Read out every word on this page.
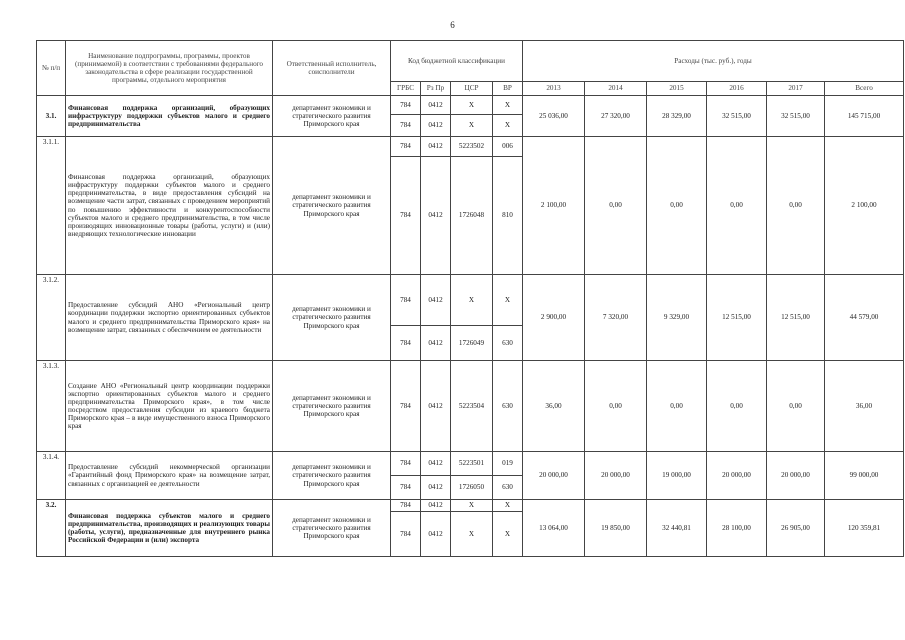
6
№ п/п	Наименование подпрограммы, программы, проектов (принимаемой) в соответствии с требованиями федерального законодательства в сфере реализации государственной программы, отдельного мероприятия	Ответственный исполнитель, соисполнители	Код бюджетной классификации				Расходы (тыс. руб.), годы					
			ГРБС	Рз Пр	ЦСР	ВР	2013	2014	2015	2016	2017	Всего
3.1.	Финансовая поддержка организаций, образующих инфраструктуру поддержки субъектов малого и среднего предпринимательства	департамент экономики и стратегического развития Приморского края	784	0412	X	X	25 036,00	27 320,00	28 329,00	32 515,00	32 515,00	145 715,00
			784	0412	X	X						
3.1.1.	Финансовая поддержка организаций, образующих инфраструктуру поддержки субъектов малого и среднего предпринимательства, в виде предоставления субсидий на возмещение части затрат, связанных с проведением мероприятий по повышению эффективности и конкурентоспособности субъектов малого и среднего предпринимательства, в том числе производящих инновационные товары (работы, услуги) и (или) внедряющих технологические инновации	департамент экономики и стратегического развития Приморского края	784	0412	5223502	006	2 100,00	0,00	0,00	0,00	0,00	2 100,00
			784	0412	1726048	810						
3.1.2.	Предоставление субсидий АНО «Региональный центр координации поддержки экспортно ориентированных субъектов малого и среднего предпринимательства Приморского края» на возмещение затрат, связанных с обеспечением ее деятельности	департамент экономики и стратегического развития Приморского края	784	0412	X	X	2 900,00	7 320,00	9 329,00	12 515,00	12 515,00	44 579,00
			784	0412	1726049	630						
3.1.3.	Создание АНО «Региональный центр координации поддержки экспортно ориентированных субъектов малого и среднего предпринимательства Приморского края», в том числе посредством предоставления субсидии из краевого бюджета Приморского края – в виде имущественного взноса Приморского края	департамент экономики и стратегического развития Приморского края	784	0412	5223504	630	36,00	0,00	0,00	0,00	0,00	36,00
3.1.4.	Предоставление субсидий некоммерческой организации «Гарантийный фонд Приморского края» на возмещение затрат, связанных с организацией ее деятельности	департамент экономики и стратегического развития Приморского края	784	0412	5223501	019	20 000,00	20 000,00	19 000,00	20 000,00	20 000,00	99 000,00
			784	0412	1726050	630						
3.2.	Финансовая поддержка субъектов малого и среднего предпринимательства, производящих и реализующих товары (работы, услуги), предназначенные для внутреннего рынка Российской Федерации и (или) экспорта	департамент экономики и стратегического развития Приморского края	784	0412	X	X	13 064,00	19 850,00	32 440,81	28 100,00	26 905,00	120 359,81
			784	0412	X	X						
